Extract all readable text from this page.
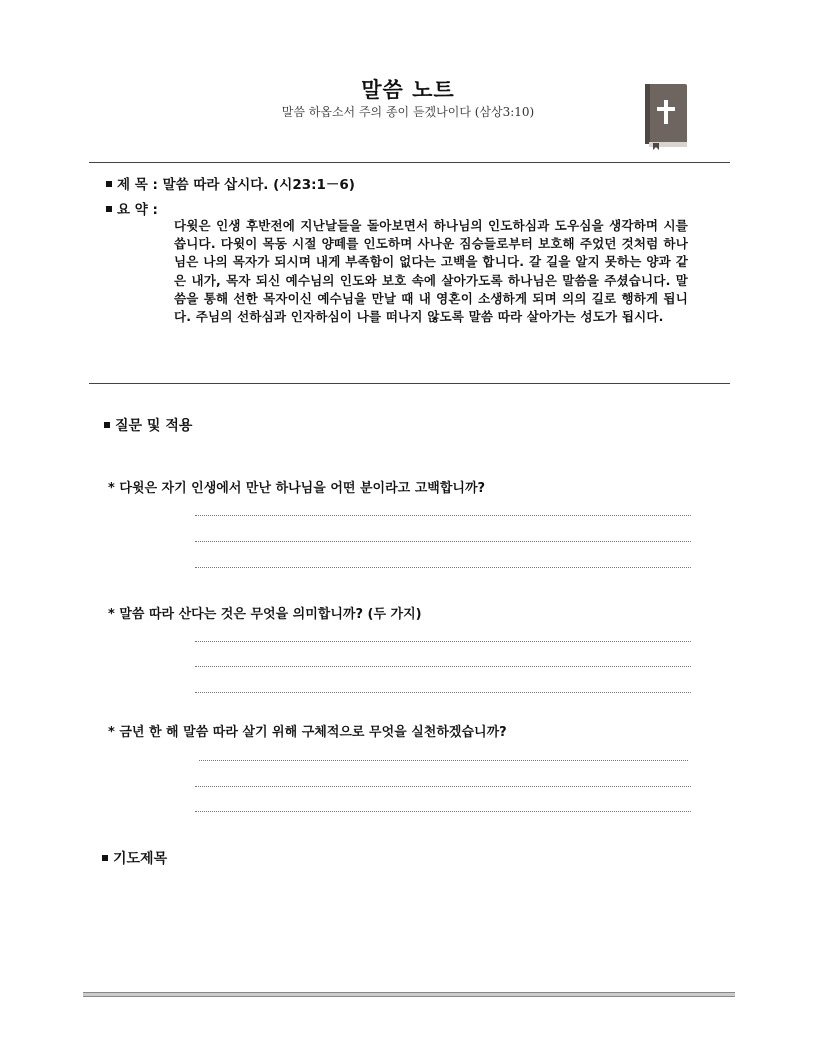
말씀 노트
말씀 하옵소서 주의 종이 듣겠나이다 (삼상3:10)
제 목 : 말씀 따라 삽시다. (시23:1－6)
요 약 :
다윗은 인생 후반전에 지난날들을 돌아보면서 하나님의 인도하심과 도우심을 생각하며 시를 씁니다. 다윗이 목동 시절 양떼를 인도하며 사나운 짐승들로부터 보호해 주었던 것처럼 하나님은 나의 목자가 되시며 내게 부족함이 없다는 고백을 합니다. 갈 길을 알지 못하는 양과 같은 내가, 목자 되신 예수님의 인도와 보호 속에 살아가도록 하나님은 말씀을 주셨습니다. 말씀을 통해 선한 목자이신 예수님을 만날 때 내 영혼이 소생하게 되며 의의 길로 행하게 됩니다. 주님의 선하심과 인자하심이 나를 떠나지 않도록 말씀 따라 살아가는 성도가 됩시다.
질문 및 적용
* 다윗은 자기 인생에서 만난 하나님을 어떤 분이라고 고백합니까?
* 말씀 따라 산다는 것은 무엇을 의미합니까? (두 가지)
* 금년 한 해 말씀 따라 살기 위해 구체적으로 무엇을 실천하겠습니까?
기도제목
